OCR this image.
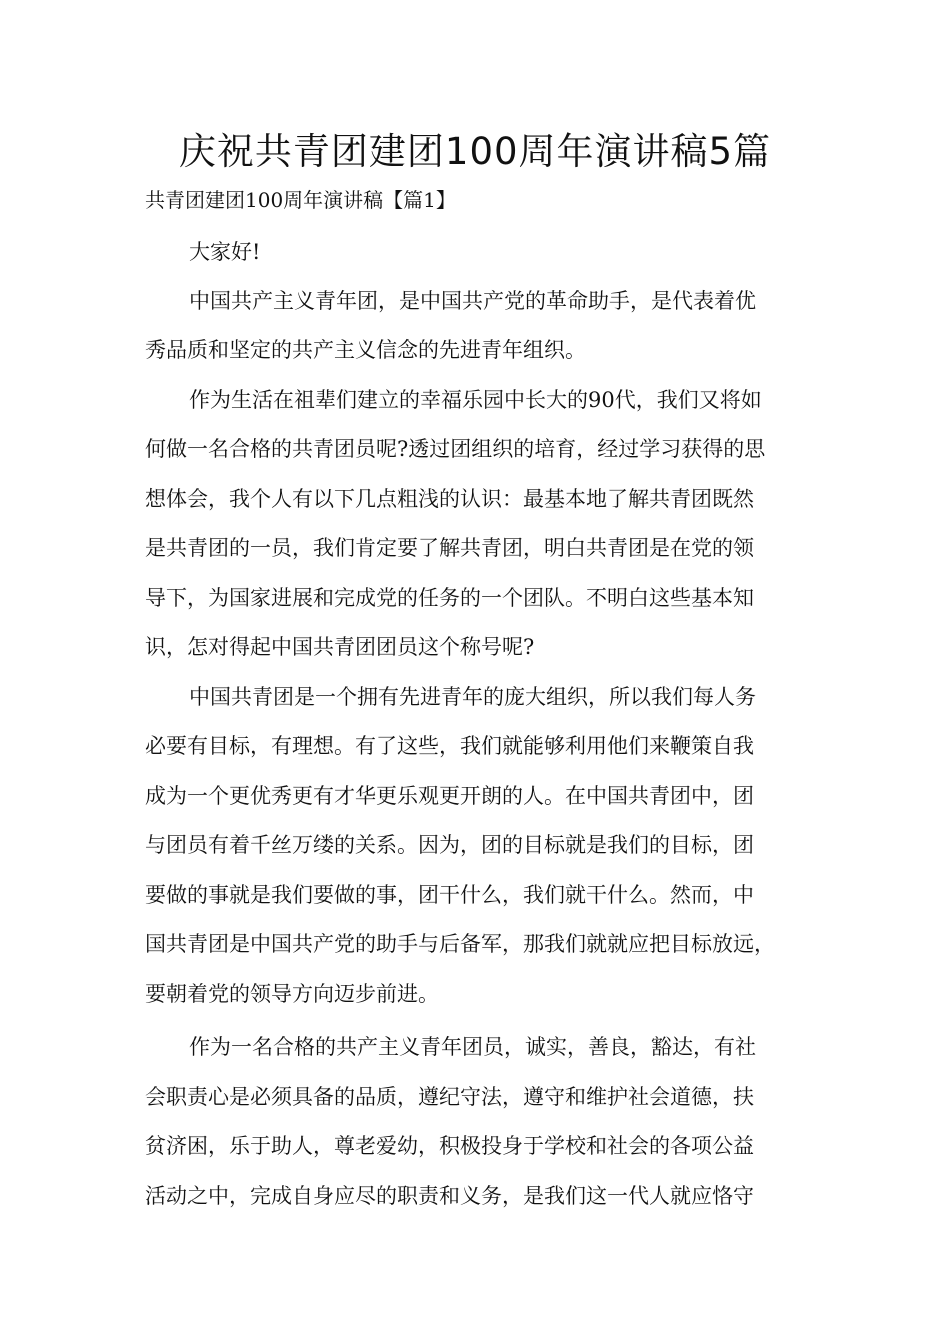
庆祝共青团建团100周年演讲稿5篇
共青团建团100周年演讲稿【篇1】
大家好!
中国共产主义青年团，是中国共产党的革命助手，是代表着优
秀品质和坚定的共产主义信念的先进青年组织。
作为生活在祖辈们建立的幸福乐园中长大的90代，我们又将如
何做一名合格的共青团员呢?透过团组织的培育，经过学习获得的思
想体会，我个人有以下几点粗浅的认识：最基本地了解共青团既然
是共青团的一员，我们肯定要了解共青团，明白共青团是在党的领
导下，为国家进展和完成党的任务的一个团队。不明白这些基本知
识，怎对得起中国共青团团员这个称号呢?
中国共青团是一个拥有先进青年的庞大组织，所以我们每人务
必要有目标，有理想。有了这些，我们就能够利用他们来鞭策自我
成为一个更优秀更有才华更乐观更开朗的人。在中国共青团中，团
与团员有着千丝万缕的关系。因为，团的目标就是我们的目标，团
要做的事就是我们要做的事，团干什么，我们就干什么。然而，中
国共青团是中国共产党的助手与后备军，那我们就就应把目标放远，
要朝着党的领导方向迈步前进。
作为一名合格的共产主义青年团员，诚实，善良，豁达，有社
会职责心是必须具备的品质，遵纪守法，遵守和维护社会道德，扶
贫济困，乐于助人，尊老爱幼，积极投身于学校和社会的各项公益
活动之中，完成自身应尽的职责和义务，是我们这一代人就应恪守
